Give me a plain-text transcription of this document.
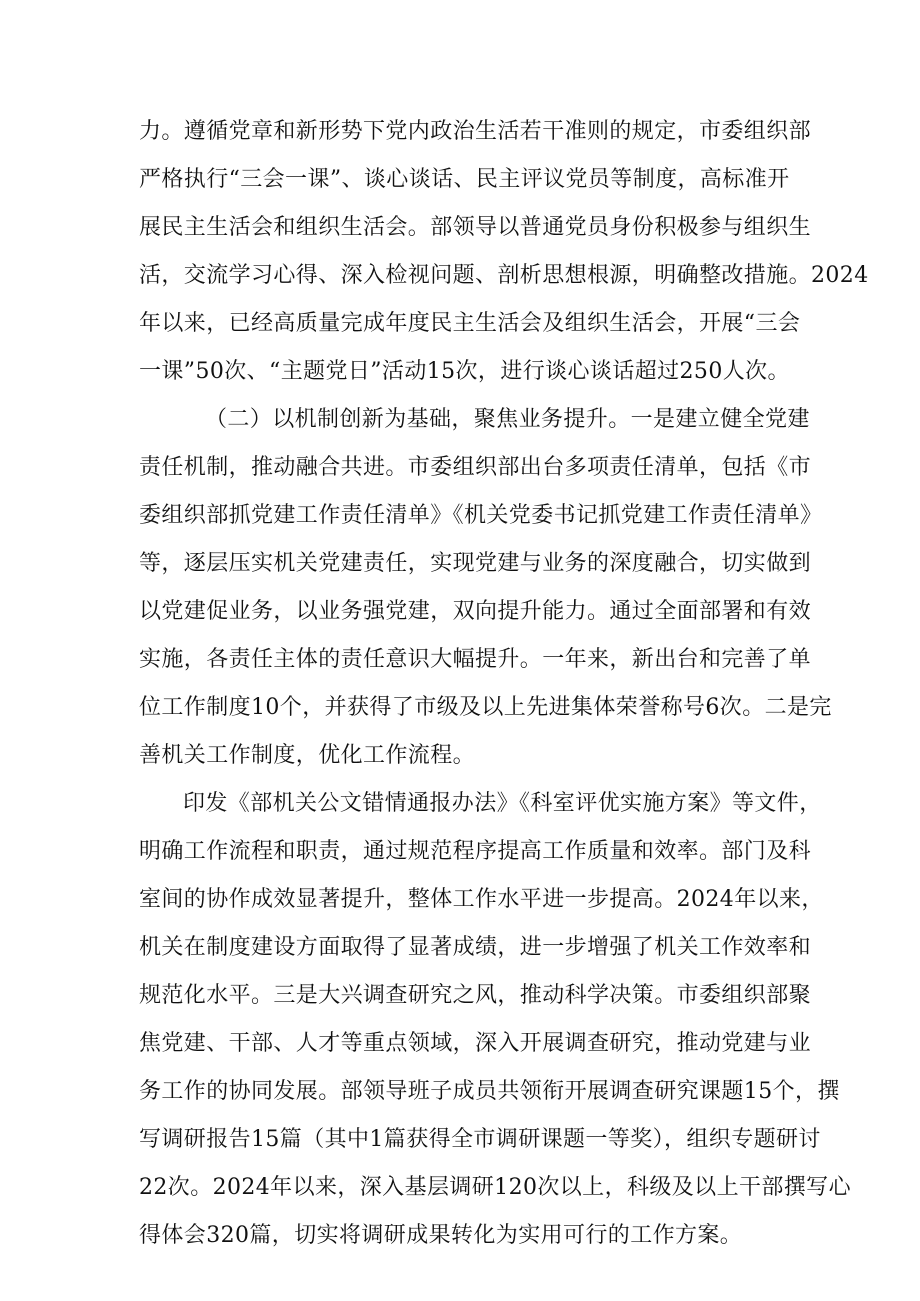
力。遵循党章和新形势下党内政治生活若干准则的规定，市委组织部
严格执行“三会一课”、谈心谈话、民主评议党员等制度，高标准开
展民主生活会和组织生活会。部领导以普通党员身份积极参与组织生
活，交流学习心得、深入检视问题、剖析思想根源，明确整改措施。2024
年以来，已经高质量完成年度民主生活会及组织生活会，开展“三会
一课”50次、“主题党日”活动15次，进行谈心谈话超过250人次。
（二）以机制创新为基础，聚焦业务提升。一是建立健全党建
责任机制，推动融合共进。市委组织部出台多项责任清单，包括《市
委组织部抓党建工作责任清单》《机关党委书记抓党建工作责任清单》
等，逐层压实机关党建责任，实现党建与业务的深度融合，切实做到
以党建促业务，以业务强党建，双向提升能力。通过全面部署和有效
实施，各责任主体的责任意识大幅提升。一年来，新出台和完善了单
位工作制度10个，并获得了市级及以上先进集体荣誉称号6次。二是完
善机关工作制度，优化工作流程。
印发《部机关公文错情通报办法》《科室评优实施方案》等文件，
明确工作流程和职责，通过规范程序提高工作质量和效率。部门及科
室间的协作成效显著提升，整体工作水平进一步提高。2024年以来，
机关在制度建设方面取得了显著成绩，进一步增强了机关工作效率和
规范化水平。三是大兴调查研究之风，推动科学决策。市委组织部聚
焦党建、干部、人才等重点领域，深入开展调查研究，推动党建与业
务工作的协同发展。部领导班子成员共领衔开展调查研究课题15个，撰
写调研报告15篇（其中1篇获得全市调研课题一等奖），组织专题研讨
22次。2024年以来，深入基层调研120次以上，科级及以上干部撰写心
得体会320篇，切实将调研成果转化为实用可行的工作方案。
